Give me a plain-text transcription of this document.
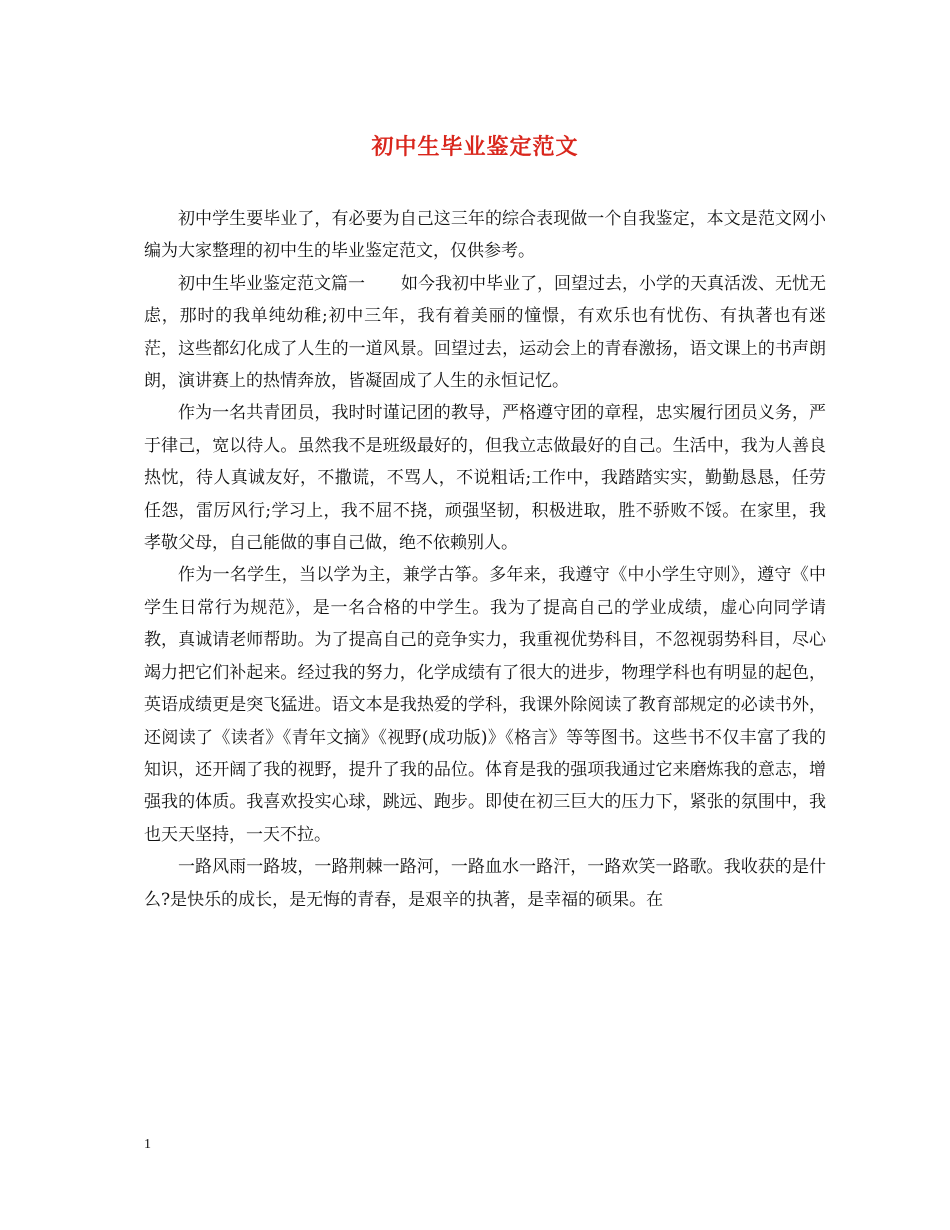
初中生毕业鉴定范文

初中学生要毕业了，有必要为自己这三年的综合表现做一个自我鉴定，本文是范文网小编为大家整理的初中生的毕业鉴定范文，仅供参考。

初中生毕业鉴定范文篇一 如今我初中毕业了，回望过去，小学的天真活泼、无忧无虑，那时的我单纯幼稚;初中三年，我有着美丽的憧憬，有欢乐也有忧伤、有执著也有迷茫，这些都幻化成了人生的一道风景。回望过去，运动会上的青春激扬，语文课上的书声朗朗，演讲赛上的热情奔放，皆凝固成了人生的永恒记忆。

作为一名共青团员，我时时谨记团的教导，严格遵守团的章程，忠实履行团员义务，严于律己，宽以待人。虽然我不是班级最好的，但我立志做最好的自己。生活中，我为人善良热忱，待人真诚友好，不撒谎，不骂人，不说粗话;工作中，我踏踏实实，勤勤恳恳，任劳任怨，雷厉风行;学习上，我不屈不挠，顽强坚韧，积极进取，胜不骄败不馁。在家里，我孝敬父母，自己能做的事自己做，绝不依赖别人。

作为一名学生，当以学为主，兼学古筝。多年来，我遵守《中小学生守则》，遵守《中学生日常行为规范》，是一名合格的中学生。我为了提高自己的学业成绩，虚心向同学请教，真诚请老师帮助。为了提高自己的竞争实力，我重视优势科目，不忽视弱势科目，尽心竭力把它们补起来。经过我的努力，化学成绩有了很大的进步，物理学科也有明显的起色，英语成绩更是突飞猛进。语文本是我热爱的学科，我课外除阅读了教育部规定的必读书外，还阅读了《读者》《青年文摘》《视野(成功版)》《格言》等等图书。这些书不仅丰富了我的知识，还开阔了我的视野，提升了我的品位。体育是我的强项我通过它来磨炼我的意志，增强我的体质。我喜欢投实心球，跳远、跑步。即使在初三巨大的压力下，紧张的氛围中，我也天天坚持，一天不拉。

一路风雨一路坡，一路荆棘一路河，一路血水一路汗，一路欢笑一路歌。我收获的是什么?是快乐的成长，是无悔的青春，是艰辛的执著，是幸福的硕果。在

1
